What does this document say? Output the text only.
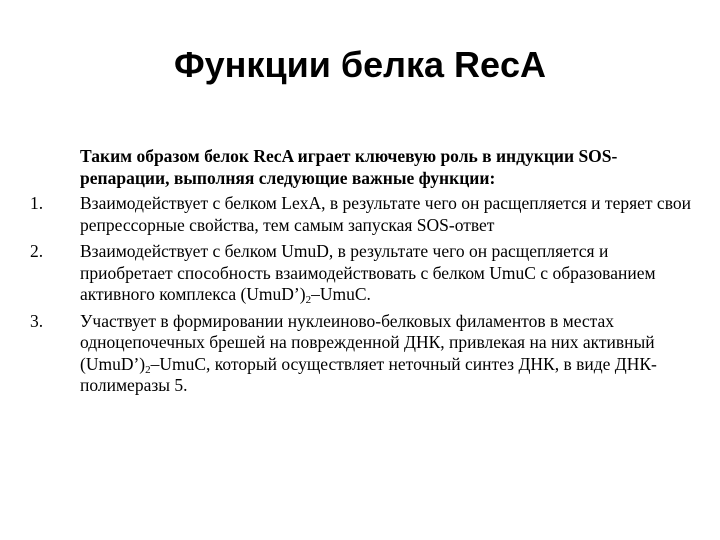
Функции белка RecA
Таким образом белок RecA играет ключевую роль в индукции SOS-репарации, выполняя следующие важные функции:
1.	Взаимодействует с белком LexA, в результате чего он расщепляется и теряет свои репрессорные свойства, тем самым запуская SOS-ответ
2.	Взаимодействует с белком UmuD, в результате чего он расщепляется и приобретает способность взаимодействовать с белком UmuC с образованием активного комплекса $(UmuD’)_2$–UmuC.
3.	Участвует в формировании нуклеиново-белковых филаментов в местах одноцепочечных брешей на поврежденной ДНК, привлекая на них активный $(UmuD’)_2$–UmuC, который осуществляет неточный синтез ДНК, в виде ДНК-полимеразы 5.
